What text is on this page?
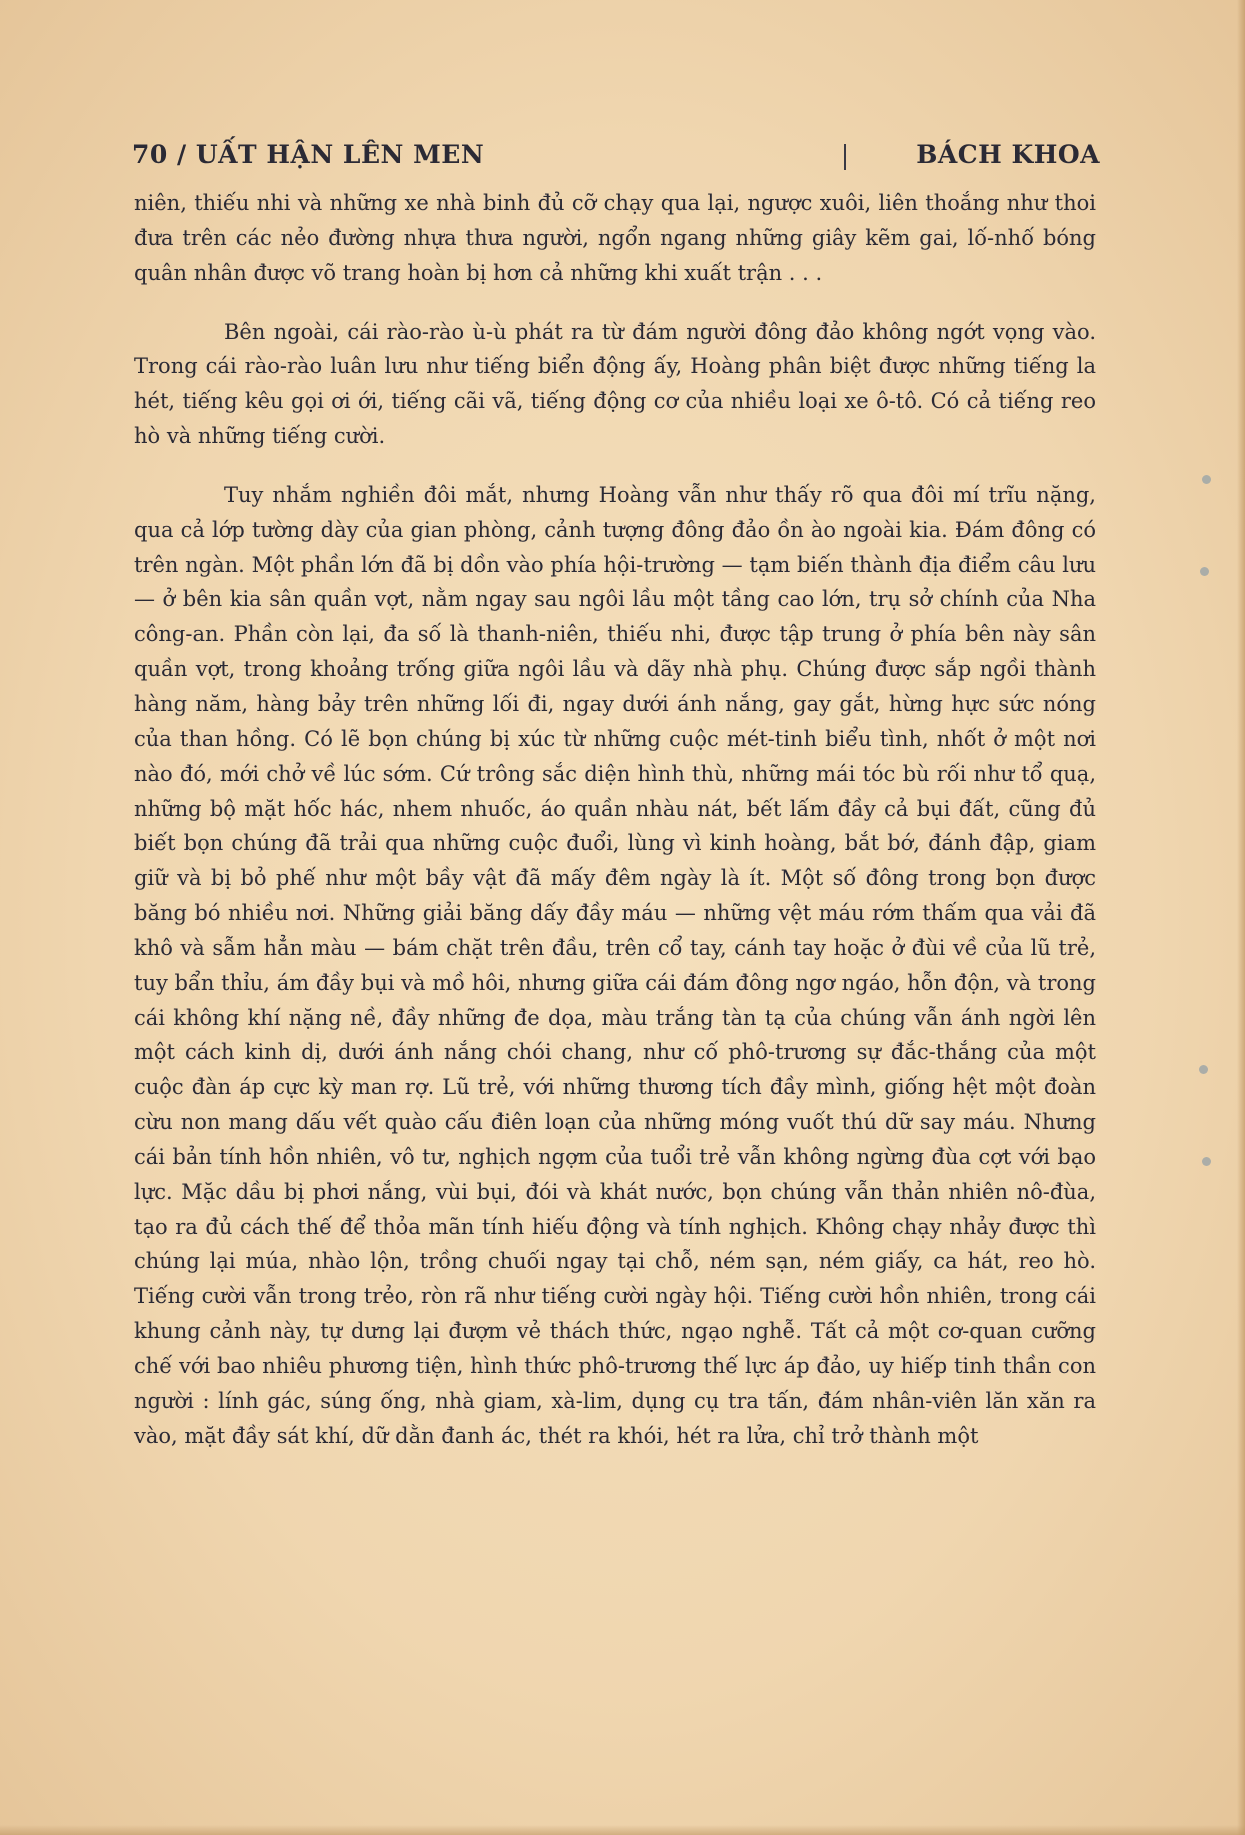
70 / UẤT HẬN LÊN MEN	BÁCH KHOA

niên, thiếu nhi và những xe nhà binh đủ cỡ chạy qua lại, ngược xuôi, liên thoắng như thoi đưa trên các nẻo đường nhựa thưa người, ngổn ngang những giây kẽm gai, lố-nhố bóng quân nhân được võ trang hoàn bị hơn cả những khi xuất trận . . .

Bên ngoài, cái rào-rào ù-ù phát ra từ đám người đông đảo không ngớt vọng vào. Trong cái rào-rào luân lưu như tiếng biển động ấy, Hoàng phân biệt được những tiếng la hét, tiếng kêu gọi ơi ới, tiếng cãi vã, tiếng động cơ của nhiều loại xe ô-tô. Có cả tiếng reo hò và những tiếng cười.

Tuy nhắm nghiền đôi mắt, nhưng Hoàng vẫn như thấy rõ qua đôi mí trĩu nặng, qua cả lớp tường dày của gian phòng, cảnh tượng đông đảo ồn ào ngoài kia. Đám đông có trên ngàn. Một phần lớn đã bị dồn vào phía hội-trường — tạm biến thành địa điểm câu lưu — ở bên kia sân quần vợt, nằm ngay sau ngôi lầu một tầng cao lớn, trụ sở chính của Nha công-an. Phần còn lại, đa số là thanh-niên, thiếu nhi, được tập trung ở phía bên này sân quần vợt, trong khoảng trống giữa ngôi lầu và dãy nhà phụ. Chúng được sắp ngồi thành hàng năm, hàng bảy trên những lối đi, ngay dưới ánh nắng, gay gắt, hừng hực sức nóng của than hồng. Có lẽ bọn chúng bị xúc từ những cuộc mét-tinh biểu tình, nhốt ở một nơi nào đó, mới chở về lúc sớm. Cứ trông sắc diện hình thù, những mái tóc bù rối như tổ quạ, những bộ mặt hốc hác, nhem nhuốc, áo quần nhàu nát, bết lấm đầy cả bụi đất, cũng đủ biết bọn chúng đã trải qua những cuộc đuổi, lùng vì kinh hoàng, bắt bớ, đánh đập, giam giữ và bị bỏ phế như một bầy vật đã mấy đêm ngày là ít. Một số đông trong bọn được băng bó nhiều nơi. Những giải băng dấy đầy máu — những vệt máu rớm thấm qua vải đã khô và sẫm hẳn màu — bám chặt trên đầu, trên cổ tay, cánh tay hoặc ở đùi về của lũ trẻ, tuy bẩn thỉu, ám đầy bụi và mồ hôi, nhưng giữa cái đám đông ngơ ngáo, hỗn độn, và trong cái không khí nặng nề, đầy những đe dọa, màu trắng tàn tạ của chúng vẫn ánh ngời lên một cách kinh dị, dưới ánh nắng chói chang, như cố phô-trương sự đắc-thắng của một cuộc đàn áp cực kỳ man rợ. Lũ trẻ, với những thương tích đầy mình, giống hệt một đoàn cừu non mang dấu vết quào cấu điên loạn của những móng vuốt thú dữ say máu. Nhưng cái bản tính hồn nhiên, vô tư, nghịch ngợm của tuổi trẻ vẫn không ngừng đùa cợt với bạo lực. Mặc dầu bị phơi nắng, vùi bụi, đói và khát nước, bọn chúng vẫn thản nhiên nô-đùa, tạo ra đủ cách thế để thỏa mãn tính hiếu động và tính nghịch. Không chạy nhảy được thì chúng lại múa, nhào lộn, trồng chuối ngay tại chỗ, ném sạn, ném giấy, ca hát, reo hò. Tiếng cười vẫn trong trẻo, ròn rã như tiếng cười ngày hội. Tiếng cười hồn nhiên, trong cái khung cảnh này, tự dưng lại đượm vẻ thách thức, ngạo nghễ. Tất cả một cơ-quan cưỡng chế với bao nhiêu phương tiện, hình thức phô-trương thế lực áp đảo, uy hiếp tinh thần con người : lính gác, súng ống, nhà giam, xà-lim, dụng cụ tra tấn, đám nhân-viên lăn xăn ra vào, mặt đầy sát khí, dữ dằn đanh ác, thét ra khói, hét ra lửa, chỉ trở thành một
